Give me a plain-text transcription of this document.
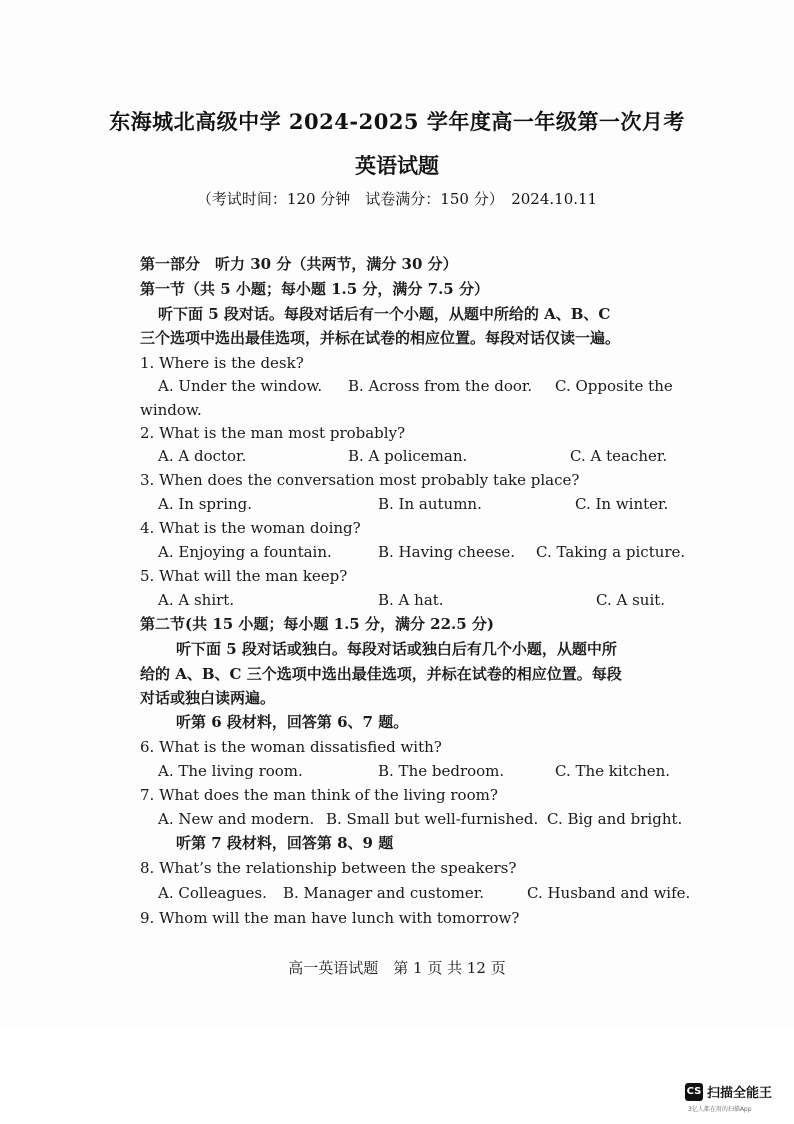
东海城北高级中学 2024-2025 学年度高一年级第一次月考
英语试题
（考试时间：120 分钟　试卷满分：150 分）　2024.10.11
第一部分　听力 30 分（共两节，满分 30 分）
第一节（共 5 小题；每小题 1.5 分，满分 7.5 分）
听下面 5 段对话。每段对话后有一个小题，从题中所给的 A、B、C
三个选项中选出最佳选项，并标在试卷的相应位置。每段对话仅读一遍。
1. Where is the desk?
A. Under the window. B. Across from the door. C. Opposite the
window.
2. What is the man most probably?
A. A doctor.	B. A policeman.	C. A teacher.
3. When does the conversation most probably take place?
A. In spring.	B. In autumn.	C. In winter.
4. What is the woman doing?
A. Enjoying a fountain.	B. Having cheese. C. Taking a picture.
5. What will the man keep?
A. A shirt.	B. A hat.	C. A suit.
第二节(共 15 小题；每小题 1.5 分，满分 22.5 分)
听下面 5 段对话或独白。每段对话或独白后有几个小题，从题中所
给的 A、B、C 三个选项中选出最佳选项，并标在试卷的相应位置。每段
对话或独白读两遍。
听第 6 段材料，回答第 6、7 题。
6. What is the woman dissatisfied with?
A. The living room.	B. The bedroom.	C. The kitchen.
7. What does the man think of the living room?
A. New and modern. B. Small but well-furnished. C. Big and bright.
听第 7 段材料，回答第 8、9 题
8. What’s the relationship between the speakers?
A. Colleagues. B. Manager and customer.	C. Husband and wife.
9. Whom will the man have lunch with tomorrow?
高一英语试题　第 1 页 共 12 页
CS 扫描全能王
3亿人都在用的扫描App
